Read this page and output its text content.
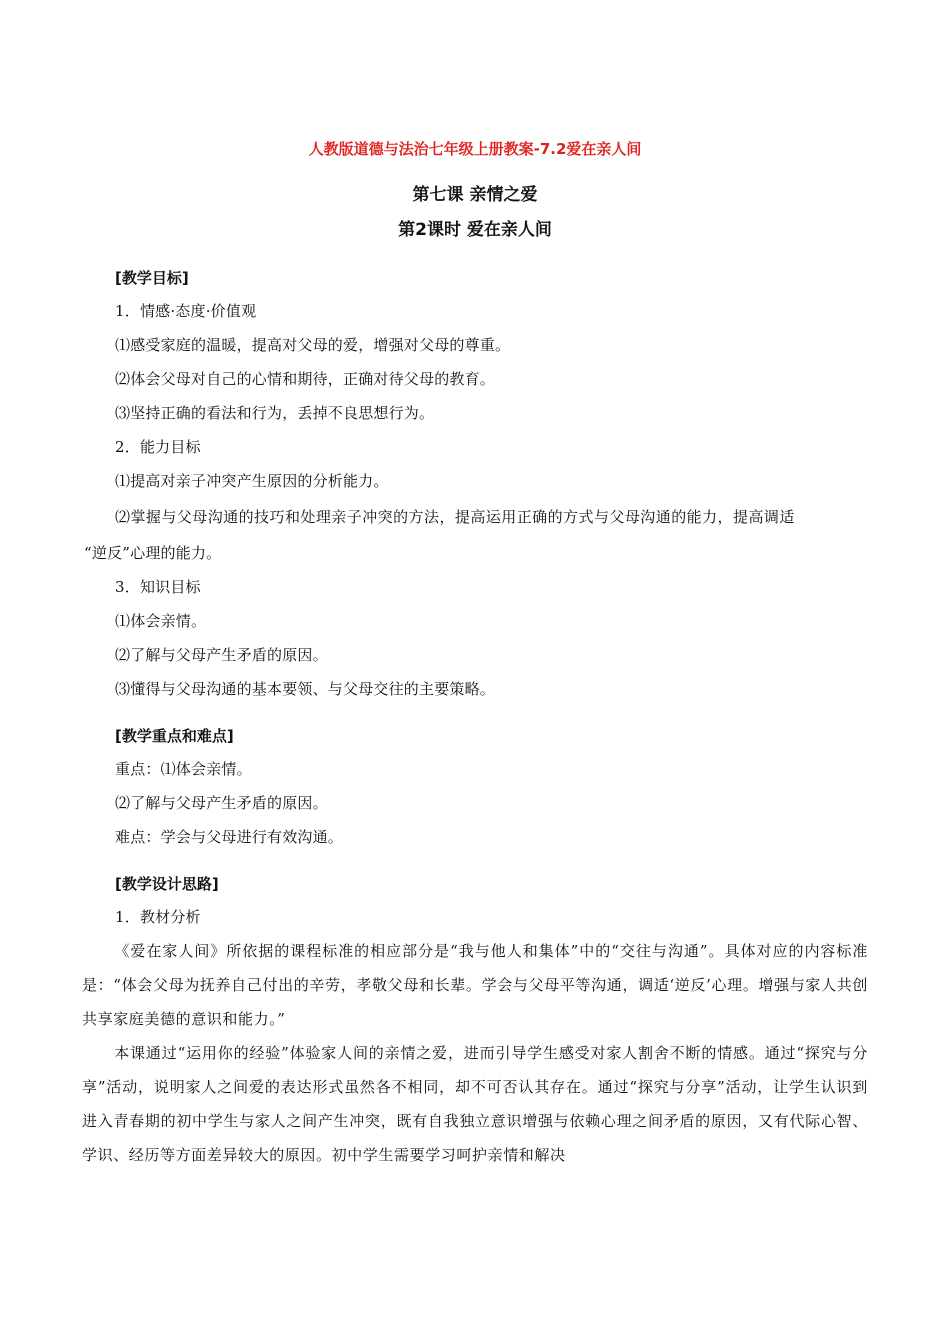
人教版道德与法治七年级上册教案-7.2爱在亲人间
第七课 亲情之爱
第2课时 爱在亲人间
[教学目标]
1．情感·态度·价值观
⑴感受家庭的温暖，提高对父母的爱，增强对父母的尊重。
⑵体会父母对自己的心情和期待，正确对待父母的教育。
⑶坚持正确的看法和行为，丢掉不良思想行为。
2．能力目标
⑴提高对亲子冲突产生原因的分析能力。
⑵掌握与父母沟通的技巧和处理亲子冲突的方法，提高运用正确的方式与父母沟通的能力，提高调适
“逆反”心理的能力。
3．知识目标
⑴体会亲情。
⑵了解与父母产生矛盾的原因。
⑶懂得与父母沟通的基本要领、与父母交往的主要策略。
[教学重点和难点]
重点：⑴体会亲情。
⑵了解与父母产生矛盾的原因。
难点：学会与父母进行有效沟通。
[教学设计思路]
1．教材分析
《爱在家人间》所依据的课程标准的相应部分是“我与他人和集体”中的“交往与沟通”。具体对应的内容标准是：“体会父母为抚养自己付出的辛劳，孝敬父母和长辈。学会与父母平等沟通，调适‘逆反’心理。增强与家人共创共享家庭美德的意识和能力。”
本课通过“运用你的经验”体验家人间的亲情之爱，进而引导学生感受对家人割舍不断的情感。通过“探究与分享”活动，说明家人之间爱的表达形式虽然各不相同，却不可否认其存在。通过“探究与分享”活动，让学生认识到进入青春期的初中学生与家人之间产生冲突，既有自我独立意识增强与依赖心理之间矛盾的原因，又有代际心智、学识、经历等方面差异较大的原因。初中学生需要学习呵护亲情和解决
